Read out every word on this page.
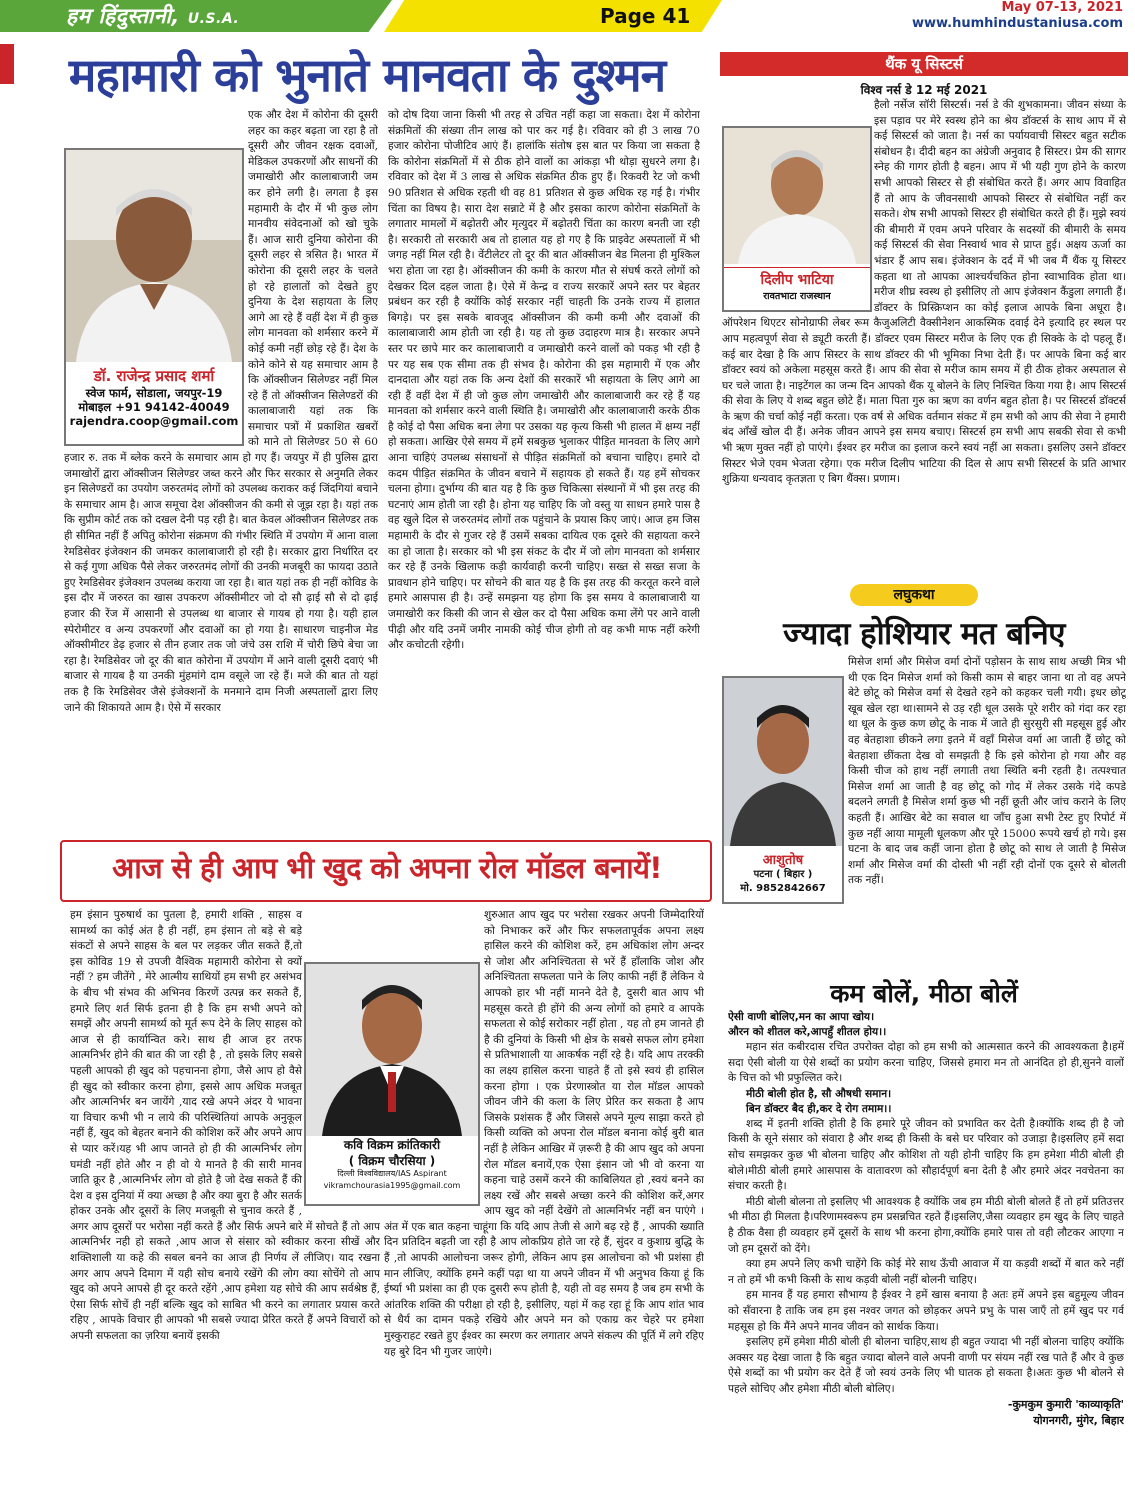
हम हिंदुस्तानी, U.S.A.	Page 41	May 07-13, 2021
www.humhindustaniusa.com
महामारी को भुनाते मानवता के दुश्मन
एक और देश में कोरोना की दूसरी लहर का कहर बढ़ता जा रहा है तो दूसरी और जीवन रक्षक दवाओं, मेडिकल उपकरणों और साधनों की जमाखोरी और कालाबाजारी जम कर होने लगी है। लगता है इस महामारी के दौर में भी कुछ लोग मानवीय संवेदनाओं को खो चुके हैं। आज सारी दुनिया कोरोना की दूसरी लहर से त्रसित है। भारत में कोरोना की दूसरी लहर के चलते हो रहे हालातों को देखते हुए दुनिया के देश सहायता के लिए आगे आ रहे हैं वहीं देश में ही कुछ लोग मानवता को शर्मसार करने में कोई कमी नहीं छोड़ रहे हैं। देश के कोने कोने से यह समाचार आम है कि ऑक्सीजन सिलेण्डर नहीं मिल रहे हैं तो ऑक्सीजन सिलेण्डरों की कालाबाजारी यहां तक कि समाचार पत्रों में प्रकाशित खबरों को माने तो सिलेण्डर 50 से 60 हजार रु. तक में ब्लेक करने के समाचार आम हो गए हैं। जयपुर में ही पुलिस द्वारा जमाखोरों द्वारा ऑक्सीजन सिलेण्डर जब्त करने और फिर सरकार से अनुमति लेकर इन सिलेण्डरों का उपयोग जरुरतमंद लोगों को उपलब्ध कराकर कई जिंदगियां बचाने के समाचार आम है। आज समूचा देश ऑक्सीजन की कमी से जूझ रहा है। यहां तक कि सुप्रीम कोर्ट तक को दखल देनी पड़ रही है। बात केवल ऑक्सीजन सिलेण्डर तक ही सीमित नहीं हैं अपितु कोरोना संक्रमण की गंभीर स्थिति में उपयोग में आना वाला रेमडिसेवर इंजेक्शन की जमकर कालाबाजारी हो रही है। सरकार द्वारा निर्धारित दर से कई गुणा अधिक पैसे लेकर जरुरतमंद लोगों की उनकी मजबूरी का फायदा उठाते हुए रेमडिसेवर इंजेक्शन उपलब्ध कराया जा रहा है। बात यहां तक ही नहीं कोविड के इस दौर में जरुरत का खास उपकरण ऑक्सीमीटर जो दो सौ ढ़ाई सौ से दो ढ़ाई हजार की रेंज में आसानी से उपलब्ध था बाजार से गायब हो गया है। यही हाल स्पेरोमीटर व अन्य उपकरणों और दवाओं का हो गया है। साधारण चाइनीज मेड ऑक्सीमीटर डेढ़ हजार से तीन हजार तक जो जंचे उस राशि में चोरी छिपे बेचा जा रहा है। रेमडिसेवर जो दूर की बात कोरोना में उपयोग में आने वाली दूसरी दवाएं भी बाजार से गायब है या उनकी मुंहमांगे दाम वसूले जा रहे हैं। मजे की बात तो यहां तक है कि रेमडिसेवर जैसे इंजेक्शनों के मनमाने दाम निजी अस्पतालों द्वारा लिए जाने की शिकायते आम है। ऐसे में सरकार
को दोष दिया जाना किसी भी तरह से उचित नहीं कहा जा सकता। देश में कोरोना संक्रमितों की संख्या तीन लाख को पार कर गई है। रविवार को ही 3 लाख 70 हजार कोरोना पोजीटिव आएं हैं। हालांकि संतोष इस बात पर किया जा सकता है कि कोरोना संक्रमितों में से ठीक होने वालों का आंकड़ा भी थोड़ा सुधरने लगा है। रविवार को देश में 3 लाख से अधिक संक्रमित ठीक हुए हैं। रिकवरी रेट जो कभी 90 प्रतिशत से अधिक रहती थी वह 81 प्रतिशत से कुछ अधिक रह गई है। गंभीर चिंता का विषय है। सारा देश सन्नाटे में है और इसका कारण कोरोना संक्रमितों के लगातार मामलों में बढ़ोतरी और मृत्युदर में बढ़ोतरी चिंता का कारण बनती जा रही है। सरकारी तो सरकारी अब तो हालात यह हो गए है कि प्राइवेट अस्पतालों में भी जगह नहीं मिल रही है। वेंटीलेटर तो दूर की बात ऑक्सीजन बेड मिलना ही मुश्किल भरा होता जा रहा है। ऑक्सीजन की कमी के कारण मौत से संघर्ष करते लोगों को देखकर दिल दहल जाता है। ऐसे में केन्द्र व राज्य सरकारें अपने स्तर पर बेहतर प्रबंधन कर रही है क्योंकि कोई सरकार नहीं चाहती कि उनके राज्य में हालात बिगड़े। पर इस सबके बावजूद ऑक्सीजन की कमी कमी और दवाओं की कालाबाजारी आम होती जा रही है। यह तो कुछ उदाहरण मात्र है। सरकार अपने स्तर पर छापे मार कर कालाबाजारी व जमाखोरी करने वालों को पकड़ भी रही है पर यह सब एक सीमा तक ही संभव है। कोरोना की इस महामारी में एक और दानदाता और यहां तक कि अन्य देशों की सरकारें भी सहायता के लिए आगे आ रही हैं वहीं देश में ही जो कुछ लोग जमाखोरी और कालाबाजारी कर रहे हैं यह मानवता को शर्मसार करने वाली स्थिति है। जमाखोरी और कालाबाजारी करके ठीक है कोई दो पैसा अधिक बना लेगा पर उसका यह कृत्य किसी भी हालत में क्षम्य नहीं हो सकता। आखिर ऐसे समय में हमें सबकुछ भुलाकर पीड़ित मानवता के लिए आगे आना चाहिएं उपलब्ध संसाधनों से पीड़ित संक्रमितों को बचाना चाहिए। हमारे दो कदम पीड़ित संक्रमित के जीवन बचाने में सहायक हो सकते हैं। यह हमें सोचकर चलना होगा। दुर्भाग्य की बात यह है कि कुछ चिकित्सा संस्थानों में भी इस तरह की घटनाएं आम होती जा रही है। होना यह चाहिए कि जो वस्तु या साधन हमारे पास है वह खुले दिल से जरुरतमंद लोगों तक पहुंचाने के प्रयास किए जाएं। आज हम जिस महामारी के दौर से गुजर रहे हैं उसमें सबका दायित्व एक दूसरे की सहायता करने का हो जाता है। सरकार को भी इस संकट के दौर में जो लोग मानवता को शर्मसार कर रहे हैं उनके खिलाफ कड़ी कार्यवाही करनी चाहिए। सख्त से सख्त सजा के प्रावधान होने चाहिए। पर सोचने की बात यह है कि इस तरह की करतूत करने वाले हमारे आसपास ही है। उन्हें समझना यह होगा कि इस समय वे कालाबाजारी या जमाखोरी कर किसी की जान से खेल कर दो पैसा अधिक कमा लेंगे पर आने वाली पीढ़ी और यदि उनमें जमीर नामकी कोई चीज होगी तो वह कभी माफ नहीं करेगी और कचोटती रहेगी।
डॉ. राजेन्द्र प्रसाद शर्मा
स्वेज फार्म, सोडाला, जयपुर-19
मोबाइल +91 94142-40049
rajendra.coop@gmail.com
आज से ही आप भी खुद को अपना रोल मॉडल बनायें!
हम इंसान पुरुषार्थ का पुतला है, हमारी शक्ति , साहस व सामर्थ्य का कोई अंत है ही नहीं, हम इंसान तो बड़े से बड़े संकटों से अपने साहस के बल पर लड़कर जीत सकते हैं,तो इस कोविड 19 से उपजी वैश्विक महामारी कोरोना से क्यों नहीं ? हम जीतेंगे , मेरे आत्मीय साथियों हम सभी हर असंभव के बीच भी संभव की अभिनव किरणें उत्पन्न कर सकते हैं, हमारे लिए शर्त सिर्फ इतना ही है कि हम सभी अपने को समझें और अपनी सामर्थ्य को मूर्त रूप देने के लिए साहस को आज से ही कार्यान्वित करे। साथ ही आज हर तरफ आत्मनिर्भर होने की बात की जा रही है , तो इसके लिए सबसे पहली आपको ही खुद को पहचानना होगा, जैसे आप हो वैसे ही खुद को स्वीकार करना होगा, इससे आप अधिक मजबूत और आत्मनिर्भर बन जायेंगे ,याद रखे अपने अंदर ये भावना या विचार कभी भी न लाये की परिस्थितियां आपके अनुकूल नहीं हैं, खुद को बेहतर बनाने की कोशिश करें और अपने आप से प्यार करें।यह भी आप जानते हो ही की आत्मनिर्भर लोग घमंडी नहीं होते और न ही वो ये मानते है की सारी मानव जाति क्रूर है ,आत्मनिर्भर लोग वो होते है जो देख सकते हैं की देश व इस दुनियां में क्या अच्छा है और क्या बुरा है और सतर्क होकर उनके और दूसरों के लिए मजबूती से चुनाव करते हैं , अगर आप दूसरों पर भरोसा नहीं करते हैं और सिर्फ अपने बारे में सोचते हैं तो आप आत्मनिर्भर नही हो सकते ,आप आज से संसार को स्वीकार करना सीखें और शक्तिशाली या कहे की सबल बनने का आज ही निर्णय लें लीजिए। याद रखना अगर आप अपने दिमाग में यही सोच बनाये रखेंगे की लोग क्या सोचेंगे तो आप खुद को अपने आपसे ही दूर करते रहेंगे ,आप हमेशा यह सोचे की आप सर्वश्रेष्ठ हैं, ऐसा सिर्फ सोचें ही नहीं बल्कि खुद को साबित भी करने का लगातार प्रयास करते रहिए , आपके विचार ही आपको भी सबसे ज्यादा प्रेरित करते हैं अपने विचारों को अपनी सफलता का ज़रिया बनायें इसकी
शुरुआत आप खुद पर भरोसा रखकर अपनी जिम्मेदारियों को निभाकर करें और फिर सफलतापूर्वक अपना लक्ष्य हासिल करने की कोशिश करें, हम अधिकांश लोग अन्दर से जोश और अनिश्चितता से भरें हैं हाँलाकि जोश और अनिश्चितता सफलता पाने के लिए काफी नहीं हैं लेकिन ये आपको हार भी नहीं मानने देते है, दुसरी बात आप भी महसूस करते ही होंगे की अन्य लोगों को हमारे व आपके सफलता से कोई सरोकार नहीं होता , यह तो हम जानते ही है की दुनियां के किसी भी क्षेत्र के सबसे सफल लोग हमेशा से प्रतिभाशाली या आकर्षक नहीं रहे है। यदि आप तरक्की का लक्ष्य हासिल करना चाहते हैं तो इसे स्वयं ही हासिल करना होगा । एक प्रेरणास्त्रोत या रोल मॉडल आपको जीवन जीने की कला के लिए प्रेरित कर सकता है आप जिसके प्रशंसक हैं और जिससे अपने मूल्य साझा करते हो किसी व्यक्ति को अपना रोल मॉडल बनाना कोई बुरी बात नहीं है लेकिन आखिर में ज़रूरी है की आप खुद को अपना रोल मॉडल बनायें,एक ऐसा इंसान जो भी वो करना या कहना चाहे उसमें करने की काबिलियत हो ,स्वयं बनने का लक्ष्य रखें और सबसे अच्छा करने की कोशिश करें,अगर आप खुद को नहीं देखेंगे तो आत्मनिर्भर नहीं बन पाएंगे । अंत में एक बात कहना चाहूंगा कि यदि आप तेजी से आगे बढ़ रहे हैं , आपकी ख्याति दिन प्रतिदिन बढ़ती जा रही है आप लोकप्रिय होते जा रहे हैं, सुंदर व कुशाग्र बुद्धि के हैं ,तो आपकी आलोचना जरूर होगी, लेकिन आप इस आलोचना को भी प्रशंसा ही मान लीजिए, क्योंकि हमने कहीं पढ़ा था या अपने जीवन में भी अनुभव किया हूं कि ईर्ष्या भी प्रशंसा का ही एक दुसरी रूप होती है, यही तो वह समय है जब हम सभी के आंतरिक शक्ति की परीक्षा हो रही है, इसीलिए, यहां में कह रहा हूं कि आप शांत भाव से धैर्य का दामन पकड़े रखिये और अपने मन को एकाग्र कर चेहरे पर हमेशा मुस्कुराहट रखते हुए ईश्वर का स्मरण कर लगातार अपने संकल्प की पूर्ति में लगे रहिए यह बुरे दिन भी गुजर जाएंगे।
कवि विक्रम क्रांतिकारी
( विक्रम चौरसिया )
दिल्ली विश्वविद्यालय/IAS Aspirant
vikramchourasia1995@gmail.com
थैंक यू सिस्टर्स
विश्व नर्स डे 12 मई 2021
हैलो नर्सेज सॉरी सिस्टर्स। नर्स डे की शुभकामना। जीवन संध्या के इस पड़ाव पर मेरे स्वस्थ होने का श्रेय डॉक्टर्स के साथ आप में से कई सिस्टर्स को जाता है। नर्स का पर्यायवाची सिस्टर बहुत सटीक संबोधन है। दीदी बहन का अंग्रेजी अनुवाद है सिस्टर। प्रेम की सागर स्नेह की गागर होती है बहन। आप में भी यही गुण होने के कारण सभी आपको सिस्टर से ही संबोधित करते हैं। अगर आप विवाहित हैं तो आप के जीवनसाथी आपको सिस्टर से संबोधित नहीं कर सकते। शेष सभी आपको सिस्टर ही संबोधित करते ही हैं। मुझे स्वयं की बीमारी में एवम अपने परिवार के सदस्यों की बीमारी के समय कई सिस्टर्स की सेवा निस्वार्थ भाव से प्राप्त हुई। अक्षय ऊर्जा का भंडार हैं आप सब। इंजेक्शन के दर्द में भी जब मैं थैंक यू सिस्टर कहता था तो आपका आश्चर्यचकित होना स्वाभाविक होता था। मरीज शीघ्र स्वस्थ हो इसीलिए तो आप इंजेक्शन कैंडुला लगाती हैं। डॉक्टर के प्रिस्क्रिप्शन का कोई इलाज आपके बिना अधूरा है। ऑपरेशन थिएटर सोनोग्राफी लेबर रूम कैजुअलिटी वैक्सीनेशन आकस्मिक दवाई देने इत्यादि हर स्थल पर आप महत्वपूर्ण सेवा से ड्यूटी करती हैं। डॉक्टर एवम सिस्टर मरीज के लिए एक ही सिक्के के दो पहलू हैं। कई बार देखा है कि आप सिस्टर के साथ डॉक्टर की भी भूमिका निभा देती हैं। पर आपके बिना कई बार डॉक्टर स्वयं को अकेला महसूस करते हैं। आप की सेवा से मरीज काम समय में ही ठीक होकर अस्पताल से घर चले जाता है। नाइटेंगल का जन्म दिन आपको थैंक यू बोलने के लिए निश्चित किया गया है। आप सिस्टर्स की सेवा के लिए ये शब्द बहुत छोटे हैं। माता पिता गुरु का ऋण का वर्णन बहुत होता है। पर सिस्टर्स डॉक्टर्स के ऋण की चर्चा कोई नहीं करता। एक वर्ष से अधिक वर्तमान संकट में हम सभी को आप की सेवा ने हमारी बंद आँखें खोल दी हैं। अनेक जीवन आपने इस समय बचाए। सिस्टर्स हम सभी आप सबकी सेवा से कभी भी ऋण मुक्त नहीं हो पाएंगे। ईश्वर हर मरीज का इलाज करने स्वयं नहीं आ सकता। इसलिए उसने डॉक्टर सिस्टर भेजे एवम भेजता रहेगा। एक मरीज दिलीप भाटिया की दिल से आप सभी सिस्टर्स के प्रति आभार शुक्रिया धन्यवाद कृतज्ञता ए बिग थैंक्स। प्रणाम।
दिलीप भाटिया
रावतभाटा राजस्थान
लघुकथा
ज्यादा होशियार मत बनिए
मिसेज शर्मा और मिसेज वर्मा दोनों पड़ोसन के साथ साथ अच्छी मित्र भी थी एक दिन मिसेज शर्मा को किसी काम से बाहर जाना था तो वह अपने बेटे छोटू को मिसेज वर्मा से देखते रहने को कहकर चली गयी। इधर छोटू खूब खेल रहा था।सामने से उड़ रही धूल उसके पूरे शरीर को गंदा कर रहा था धूल के कुछ कण छोटू के नाक में जाते ही सुरसुरी सी महसूस हुई और वह बेतहाशा छीकने लगा इतने में वहाँ मिसेज वर्मा आ जाती हैं छोटू को बेतहाशा छींकता देख वो समझती है कि इसे कोरोना हो गया और वह किसी चीज को हाथ नहीं लगाती तथा स्थिति बनी रहती है। तत्पश्चात मिसेज शर्मा आ जाती है वह छोटू को गोद में लेकर उसके गंदे कपडे बदलने लगती है मिसेज शर्मा कुछ भी नहीं छूती और जांच कराने के लिए कहती हैं। आखिर बेटे का सवाल था जाँच हुआ सभी टेस्ट हुए रिपोर्ट में कुछ नहीं आया मामूली धूलकण और पूरे 15000 रूपये खर्च हो गये। इस घटना के बाद जब कहीं जाना होता है छोटू को साथ ले जाती है मिसेज शर्मा और मिसेज वर्मा की दोस्ती भी नहीं रही दोनों एक दूसरे से बोलती तक नहीं।
आशुतोष
पटना ( बिहार )
मो. 9852842667
कम बोलें, मीठा बोलें
ऐसी वाणी बोलिए,मन का आपा खोय।
औरन को शीतल करे,आपहुँ शीतल होय।।
महान संत कबीरदास रचित उपरोक्त दोहा को हम सभी को आत्मसात करने की आवश्यकता है।हमें सदा ऐसी बोली या ऐसे शब्दों का प्रयोग करना चाहिए, जिससे हमारा मन तो आनंदित हो ही,सुनने वालों के चित्त को भी प्रफुल्लित करे।
मीठी बोली होत है, सौ औषधी समान।
बिन डॉक्टर बैद ही,कर दे रोग तमाम।।
शब्द में इतनी शक्ति होती है कि हमारे पूरे जीवन को प्रभावित कर देती है।क्योंकि शब्द ही है जो किसी के सूने संसार को संवारा है और शब्द ही किसी के बसे घर परिवार को उजाड़ा है।इसलिए हमें सदा सोच समझकर कुछ भी बोलना चाहिए और कोशिश तो यही होनी चाहिए कि हम हमेशा मीठी बोली ही बोले।मीठी बोली हमारे आसपास के वातावरण को सौहार्दपूर्ण बना देती है और हमारे अंदर नवचेतना का संचार करती है।
मीठी बोली बोलना तो इसलिए भी आवश्यक है क्योंकि जब हम मीठी बोली बोलते हैं तो हमें प्रतिउत्तर भी मीठा ही मिलता है।परिणामस्वरूप हम प्रसन्नचित रहते हैं।इसलिए,जैसा व्यवहार हम खुद के लिए चाहते है ठीक वैसा ही व्यवहार हमें दूसरों के साथ भी करना होगा,क्योंकि हमारे पास तो वही लौटकर आएगा न जो हम दूसरों को देंगे।
क्या हम अपने लिए कभी चाहेंगे कि कोई मेरे साथ ऊँची आवाज में या कड़वी शब्दों में बात करे नहीं न तो हमें भी कभी किसी के साथ कड़वी बोली नहीं बोलनी चाहिए।
हम मानव हैं यह हमारा सौभाग्य है ईश्वर ने हमें खास बनाया है अतः हमें अपने इस बहुमूल्य जीवन को सँवारना है ताकि जब हम इस नश्वर जगत को छोड़कर अपने प्रभु के पास जाएँ तो हमें खुद पर गर्व महसूस हो कि मैंने अपने मानव जीवन को सार्थक किया।
इसलिए हमें हमेशा मीठी बोली ही बोलना चाहिए,साथ ही बहुत ज्यादा भी नहीं बोलना चाहिए क्योंकि अक्सर यह देखा जाता है कि बहुत ज्यादा बोलने वाले अपनी वाणी पर संयम नहीं रख पाते हैं और वे कुछ ऐसे शब्दों का भी प्रयोग कर देते हैं जो स्वयं उनके लिए भी घातक हो सकता है।अतः कुछ भी बोलने से पहले सोचिए और हमेशा मीठी बोली बोलिए।
-कुमकुम कुमारी 'काव्याकृति'
योगनगरी, मुंगेर, बिहार
